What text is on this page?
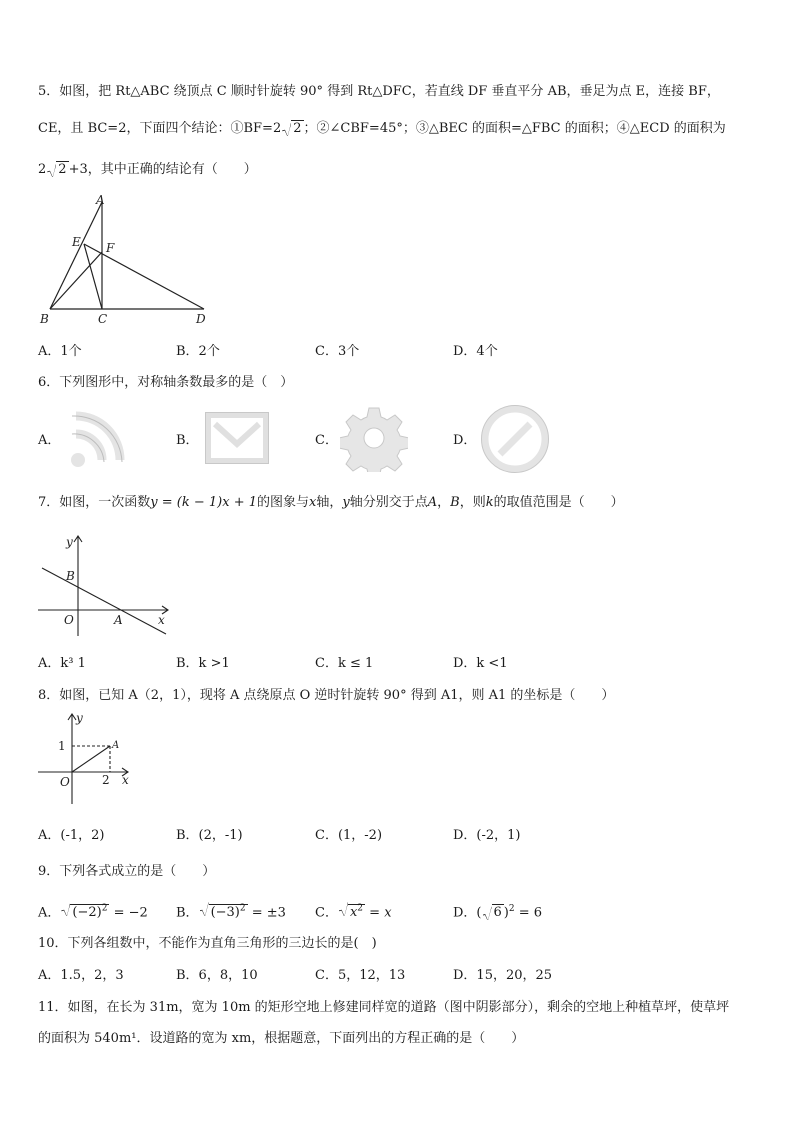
5．如图，把 Rt△ABC 绕顶点 C 顺时针旋转 90° 得到 Rt△DFC，若直线 DF 垂直平分 AB，垂足为点 E，连接 BF，
CE，且 BC=2，下面四个结论：①BF=2 2 ；②∠CBF=45°；③△BEC 的面积=△FBC 的面积；④△ECD 的面积为
2 2 +3，其中正确的结论有（　　）
A
E F
B	C	D
A．1个	B．2个	C．3个	D．4个
6．下列图形中，对称轴条数最多的是（　）
A．	B．	C．	D．
7．如图，一次函数y = (k − 1)x + 1的图象与x轴，y轴分别交于点A，B，则k的取值范围是（　　）
y
B
O	A	x
A．k³ 1	B．k >1	C．k ≤ 1	D．k <1
8．如图，已知 A（2，1），现将 A 点绕原点 O 逆时针旋转 90° 得到 A1，则 A1 的坐标是（　　）
y
1	A
O	2 x
A．(-1，2)	B．(2，-1)	C．(1，-2)	D．(-2，1)
9．下列各式成立的是（　　）
A． $(-2)^2 = -2$ B． $(-3)^2 = \pm 3$ C． $x^2 = x$	D．( 6 )$^2$ = 6
10．下列各组数中，不能作为直角三角形的三边长的是(　)
A．1.5，2，3	B．6，8，10	C．5，12，13	D．15，20，25
11．如图，在长为 31m，宽为 10m 的矩形空地上修建同样宽的道路（图中阴影部分），剩余的空地上种植草坪，使草坪
的面积为 540m¹．设道路的宽为 xm，根据题意，下面列出的方程正确的是（　　）
